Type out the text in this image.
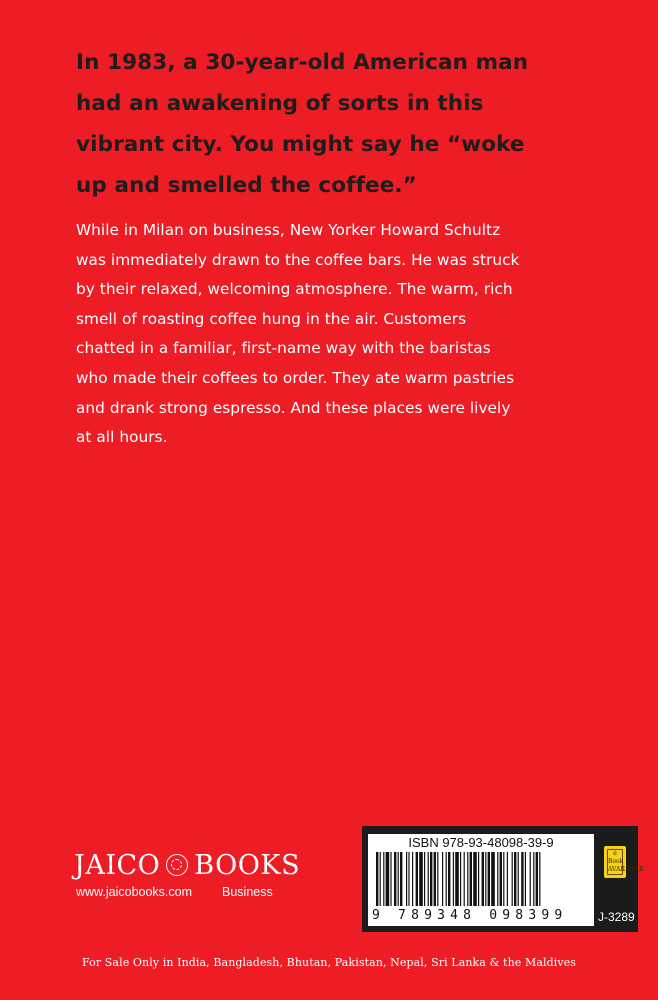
In 1983, a 30-year-old American man
had an awakening of sorts in this
vibrant city. You might say he “woke
up and smelled the coffee.”

While in Milan on business, New Yorker Howard Schultz
was immediately drawn to the coffee bars. He was struck
by their relaxed, welcoming atmosphere. The warm, rich
smell of roasting coffee hung in the air. Customers
chatted in a familiar, first-name way with the baristas
who made their coffees to order. They ate warm pastries
and drank strong espresso. And these places were lively
at all hours.

JAICO BOOKS
www.jaicobooks.com Business
ISBN 978-93-48098-39-9
9 789348 098399
e Book AVAILABLE
J-3289
For Sale Only in India, Bangladesh, Bhutan, Pakistan, Nepal, Sri Lanka & the Maldives
